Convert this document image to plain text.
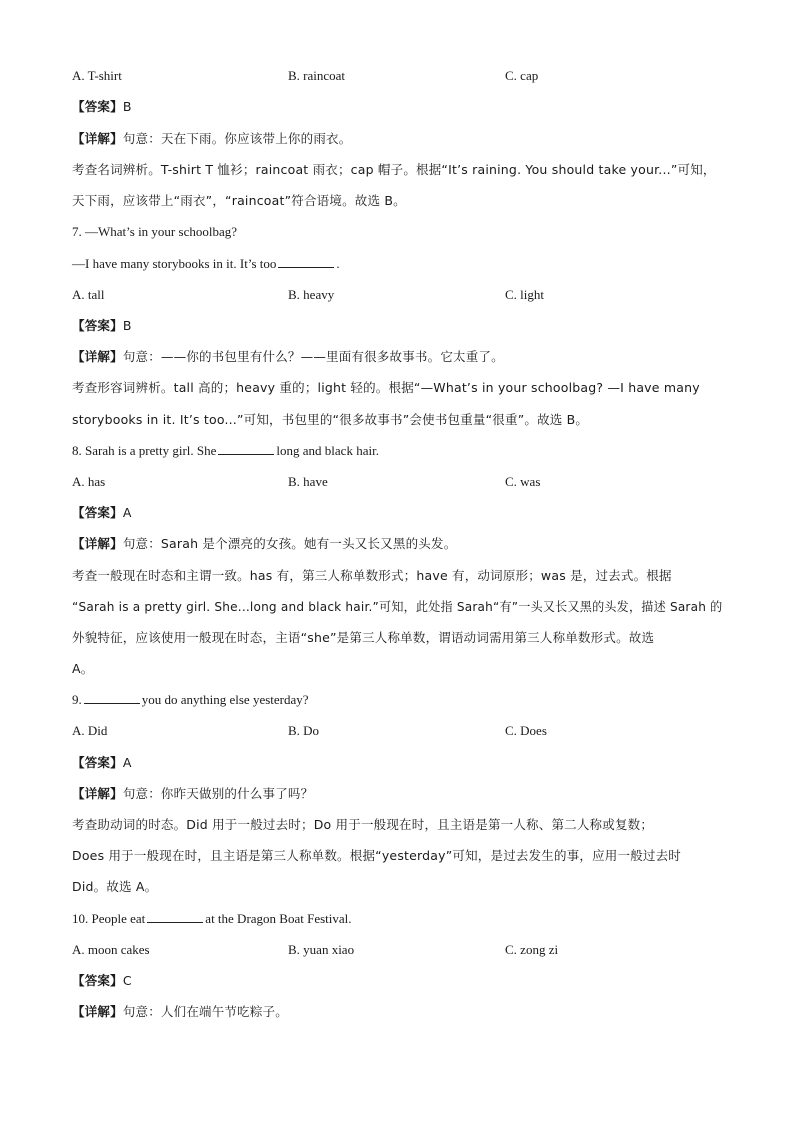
A. T-shirt	B. raincoat	C. cap
【答案】B
【详解】句意：天在下雨。你应该带上你的雨衣。
考查名词辨析。T-shirt T 恤衫；raincoat 雨衣；cap 帽子。根据“It’s raining. You should take your...”可知，
天下雨，应该带上“雨衣”，“raincoat”符合语境。故选 B。
7. —What’s in your schoolbag?
—I have many storybooks in it. It’s too	.
A. tall	B. heavy	C. light
【答案】B
【详解】句意：——你的书包里有什么？——里面有很多故事书。它太重了。
考查形容词辨析。tall 高的；heavy 重的；light 轻的。根据“—What’s in your schoolbag? —I have many
storybooks in it. It’s too...”可知，书包里的“很多故事书”会使书包重量“很重”。故选 B。
8. Sarah is a pretty girl. She	long and black hair.
A. has	B. have	C. was
【答案】A
【详解】句意：Sarah 是个漂亮的女孩。她有一头又长又黑的头发。
考查一般现在时态和主谓一致。has 有，第三人称单数形式；have 有，动词原形；was 是，过去式。根据
“Sarah is a pretty girl. She...long and black hair.”可知，此处指 Sarah“有”一头又长又黑的头发，描述 Sarah 的
外貌特征，应该使用一般现在时态，主语“she”是第三人称单数，谓语动词需用第三人称单数形式。故选
A。
9.	you do anything else yesterday?
A. Did	B. Do	C. Does
【答案】A
【详解】句意：你昨天做别的什么事了吗？
考查助动词的时态。Did 用于一般过去时；Do 用于一般现在时，且主语是第一人称、第二人称或复数；
Does 用于一般现在时，且主语是第三人称单数。根据“yesterday”可知，是过去发生的事，应用一般过去时
Did。故选 A。
10. People eat	at the Dragon Boat Festival.
A. moon cakes	B. yuan xiao	C. zong zi
【答案】C
【详解】句意：人们在端午节吃粽子。
